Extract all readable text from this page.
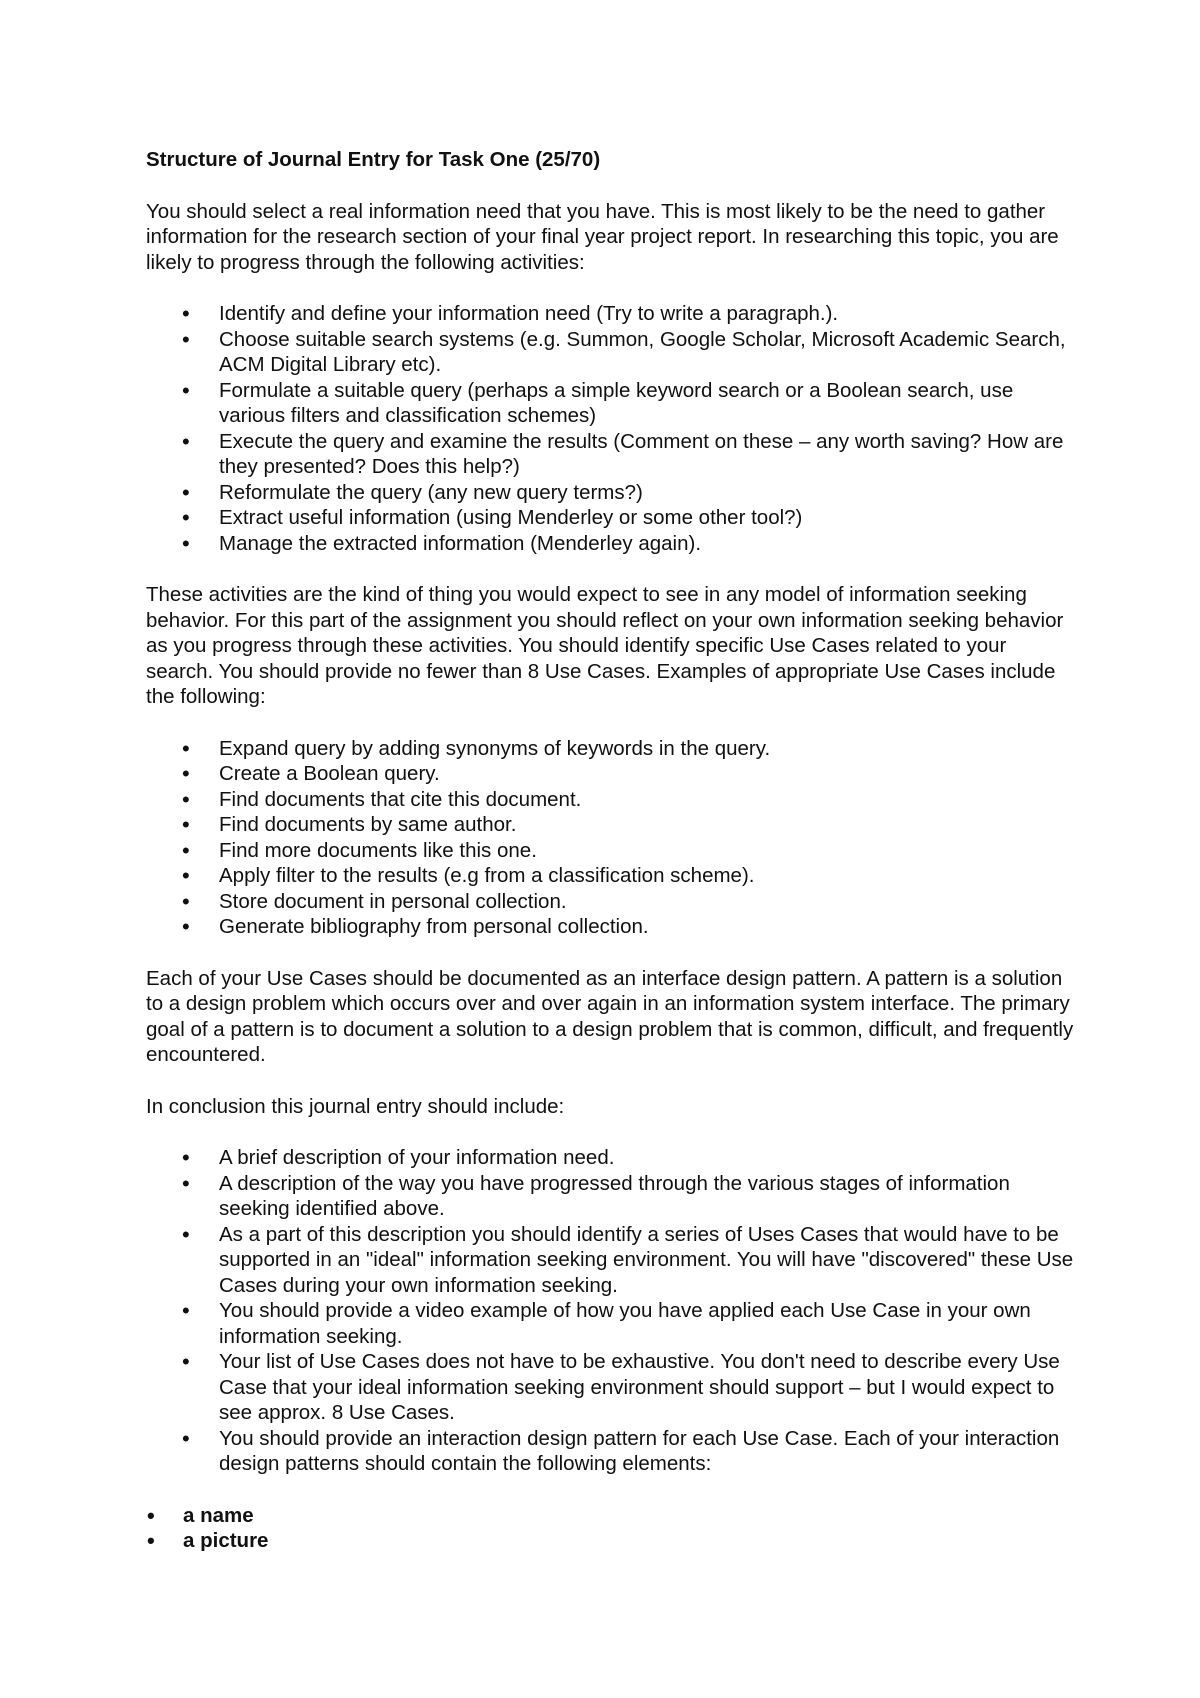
Structure of Journal Entry for Task One (25/70)

You should select a real information need that you have. This is most likely to be the need to gather information for the research section of your final year project report. In researching this topic, you are likely to progress through the following activities:

• Identify and define your information need (Try to write a paragraph.).
• Choose suitable search systems (e.g. Summon, Google Scholar, Microsoft Academic Search, ACM Digital Library etc).
• Formulate a suitable query (perhaps a simple keyword search or a Boolean search, use various filters and classification schemes)
• Execute the query and examine the results (Comment on these – any worth saving? How are they presented? Does this help?)
• Reformulate the query (any new query terms?)
• Extract useful information (using Menderley or some other tool?)
• Manage the extracted information (Menderley again).

These activities are the kind of thing you would expect to see in any model of information seeking behavior. For this part of the assignment you should reflect on your own information seeking behavior as you progress through these activities. You should identify specific Use Cases related to your search. You should provide no fewer than 8 Use Cases. Examples of appropriate Use Cases include the following:

• Expand query by adding synonyms of keywords in the query.
• Create a Boolean query.
• Find documents that cite this document.
• Find documents by same author.
• Find more documents like this one.
• Apply filter to the results (e.g from a classification scheme).
• Store document in personal collection.
• Generate bibliography from personal collection.

Each of your Use Cases should be documented as an interface design pattern. A pattern is a solution to a design problem which occurs over and over again in an information system interface. The primary goal of a pattern is to document a solution to a design problem that is common, difficult, and frequently encountered.

In conclusion this journal entry should include:

• A brief description of your information need.
• A description of the way you have progressed through the various stages of information seeking identified above.
• As a part of this description you should identify a series of Uses Cases that would have to be supported in an "ideal" information seeking environment. You will have "discovered" these Use Cases during your own information seeking.
• You should provide a video example of how you have applied each Use Case in your own information seeking.
• Your list of Use Cases does not have to be exhaustive. You don't need to describe every Use Case that your ideal information seeking environment should support – but I would expect to see approx. 8 Use Cases.
• You should provide an interaction design pattern for each Use Case. Each of your interaction design patterns should contain the following elements:
• a name
• a picture
